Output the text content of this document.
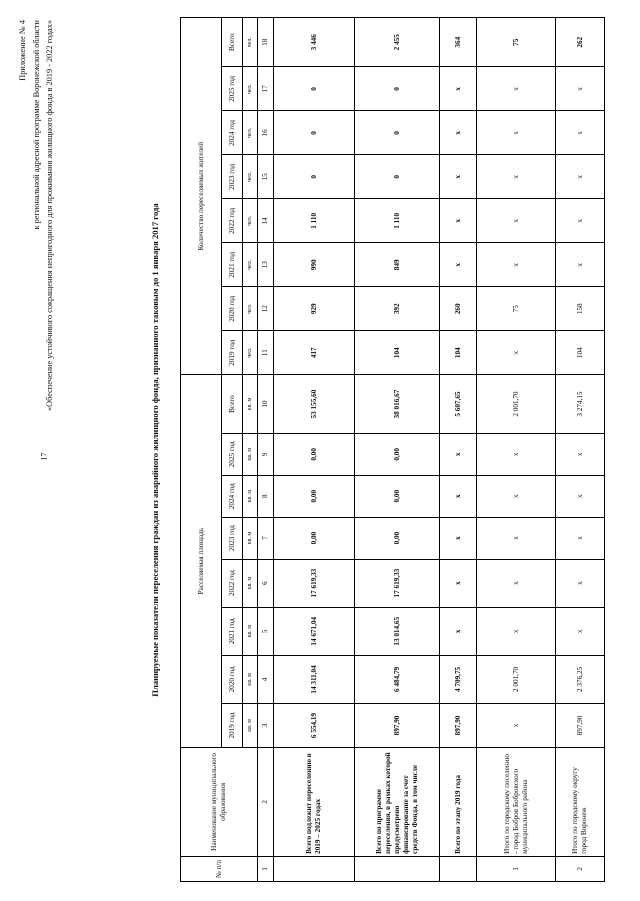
17
Приложение № 4 к региональной адресной программе Воронежской области «Обеспечение устойчивого сокращения непригодного для проживания жилищного фонда в 2019 - 2022 годах»	Планируемые показатели переселения граждан из аварийного жилищного фонда, признанного таковым до 1 января 2017 года
№ п/п	Наименование муниципального образования	Расселяемая площадь								Количество переселяемых жителей							
		2019 год	2020 год	2021 год	2022 год	2023 год	2024 год	2025 год	Всего	2019 год	2020 год	2021 год	2022 год	2023 год	2024 год	2025 год	Всего
		кв. м	кв. м	кв. м	кв. м	кв. м	кв. м	кв. м	кв. м	чел.	чел.	чел.	чел.	чел.	чел.	чел.	чел.
1	2	3	4	5	6	7	8	9	10	11	12	13	14	15	16	17	18
	Всего подлежит переселению в 2019 – 2025 годах	6 554,19	14 311,04	14 671,04	17 619,33	0,00	0,00	0,00	53 155,60	417	929	990	1 110	0	0	0	3 446
	Всего по программе переселения, в рамках которой предусмотрено финансирование за счет средств Фонда, в том числе	897,90	6 484,79	13 014,65	17 619,33	0,00	0,00	0,00	38 016,67	104	392	849	1 110	0	0	0	2 455
	Всего по этапу 2019 года	897,90	4 709,75	x	x	x	x	x	5 607,65	104	260	x	x	x	x	x	364
1	Итого по городскому поселению - город Бобров Бобровского муниципального района	x	2 001,70	x	x	x	x	x	2 001,70	x	75	x	x	x	x	x	75
2	Итого по городскому округу город Воронеж	897,90	2 376,25	x	x	x	x	x	3 274,15	104	158	x	x	x	x	x	262
